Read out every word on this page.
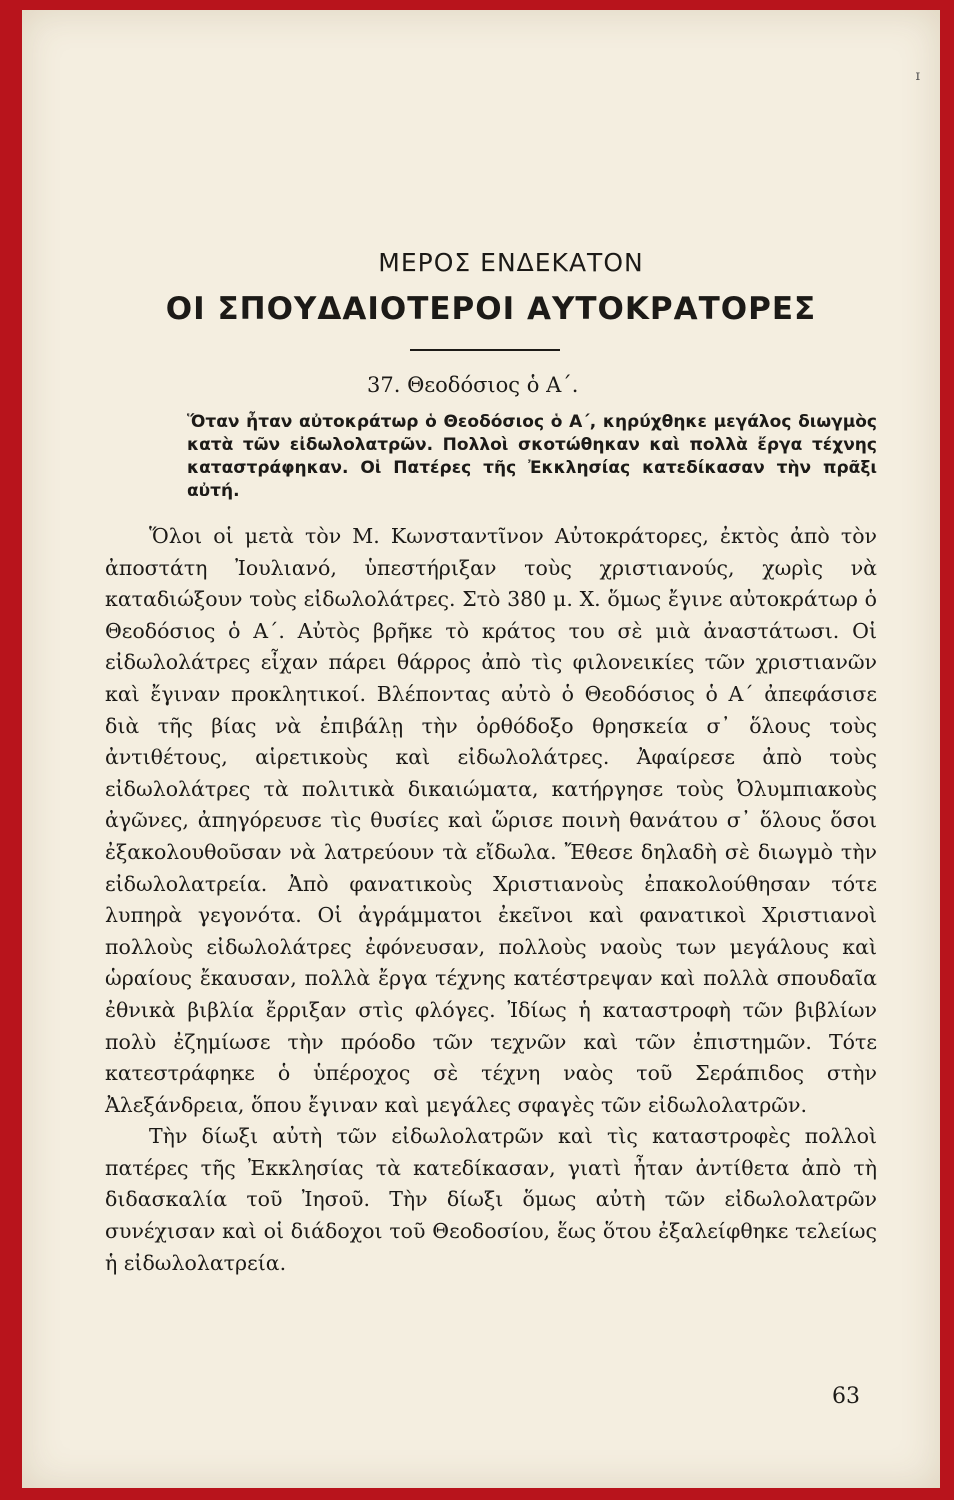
ɪ
ΜΕΡΟΣ ΕΝΔΕΚΑΤΟΝ
ΟΙ ΣΠΟΥΔΑΙΟΤΕΡΟΙ ΑΥΤΟΚΡΑΤΟΡΕΣ
37. Θεοδόσιος ὁ Α΄.
Ὅταν ἦταν αὐτοκράτωρ ὁ Θεοδόσιος ὁ Α΄, κηρύχθηκε μεγάλος διωγμὸς κατὰ τῶν εἰδωλολατρῶν. Πολλοὶ σκοτώθηκαν καὶ πολλὰ ἔργα τέχνης καταστράφηκαν. Οἱ Πατέρες τῆς Ἐκκλησίας κατεδίκασαν τὴν πρᾶξι αὐτή.

Ὅλοι οἱ μετὰ τὸν Μ. Κωνσταντῖνον Αὐτοκράτορες, ἐκτὸς ἀπὸ τὸν ἀποστάτη Ἰουλιανό, ὑπεστήριξαν τοὺς χριστιανούς, χωρὶς νὰ καταδιώξουν τοὺς εἰδωλολάτρες. Στὸ 380 μ. Χ. ὅμως ἔγινε αὐτοκράτωρ ὁ Θεοδόσιος ὁ Α΄. Αὐτὸς βρῆκε τὸ κράτος του σὲ μιὰ ἀναστάτωσι. Οἱ εἰδωλολάτρες εἶχαν πάρει θάρρος ἀπὸ τὶς φιλονεικίες τῶν χριστιανῶν καὶ ἔγιναν προκλητικοί. Βλέποντας αὐτὸ ὁ Θεοδόσιος ὁ Α΄ ἀπεφάσισε διὰ τῆς βίας νὰ ἐπιβάλῃ τὴν ὀρθόδοξο θρησκεία σ᾽ ὅλους τοὺς ἀντιθέτους, αἱρετικοὺς καὶ εἰδωλολάτρες. Ἀφαίρεσε ἀπὸ τοὺς εἰδωλολάτρες τὰ πολιτικὰ δικαιώματα, κατήργησε τοὺς Ὀλυμπιακοὺς ἀγῶνες, ἀπηγόρευσε τὶς θυσίες καὶ ὥρισε ποινὴ θανάτου σ᾽ ὅλους ὅσοι ἐξακολουθοῦσαν νὰ λατρεύουν τὰ εἴδωλα. Ἔθεσε δηλαδὴ σὲ διωγμὸ τὴν εἰδωλολατρεία. Ἀπὸ φανατικοὺς Χριστιανοὺς ἐπακολούθησαν τότε λυπηρὰ γεγονότα. Οἱ ἀγράμματοι ἐκεῖνοι καὶ φανατικοὶ Χριστιανοὶ πολλοὺς εἰδωλολάτρες ἐφόνευσαν, πολλοὺς ναοὺς των μεγάλους καὶ ὡραίους ἔκαυσαν, πολλὰ ἔργα τέχνης κατέστρεψαν καὶ πολλὰ σπουδαῖα ἐθνικὰ βιβλία ἔρριξαν στὶς φλόγες. Ἰδίως ἡ καταστροφὴ τῶν βιβλίων πολὺ ἐζημίωσε τὴν πρόοδο τῶν τεχνῶν καὶ τῶν ἐπιστημῶν. Τότε κατεστράφηκε ὁ ὑπέροχος σὲ τέχνη ναὸς τοῦ Σεράπιδος στὴν Ἀλεξάνδρεια, ὅπου ἔγιναν καὶ μεγάλες σφαγὲς τῶν εἰδωλολατρῶν.

Τὴν δίωξι αὐτὴ τῶν εἰδωλολατρῶν καὶ τὶς καταστροφὲς πολλοὶ πατέρες τῆς Ἐκκλησίας τὰ κατεδίκασαν, γιατὶ ἦταν ἀντίθετα ἀπὸ τὴ διδασκαλία τοῦ Ἰησοῦ. Τὴν δίωξι ὅμως αὐτὴ τῶν εἰδωλολατρῶν συνέχισαν καὶ οἱ διάδοχοι τοῦ Θεοδοσίου, ἕως ὅτου ἐξαλείφθηκε τελείως ἡ εἰδωλολατρεία.

63
